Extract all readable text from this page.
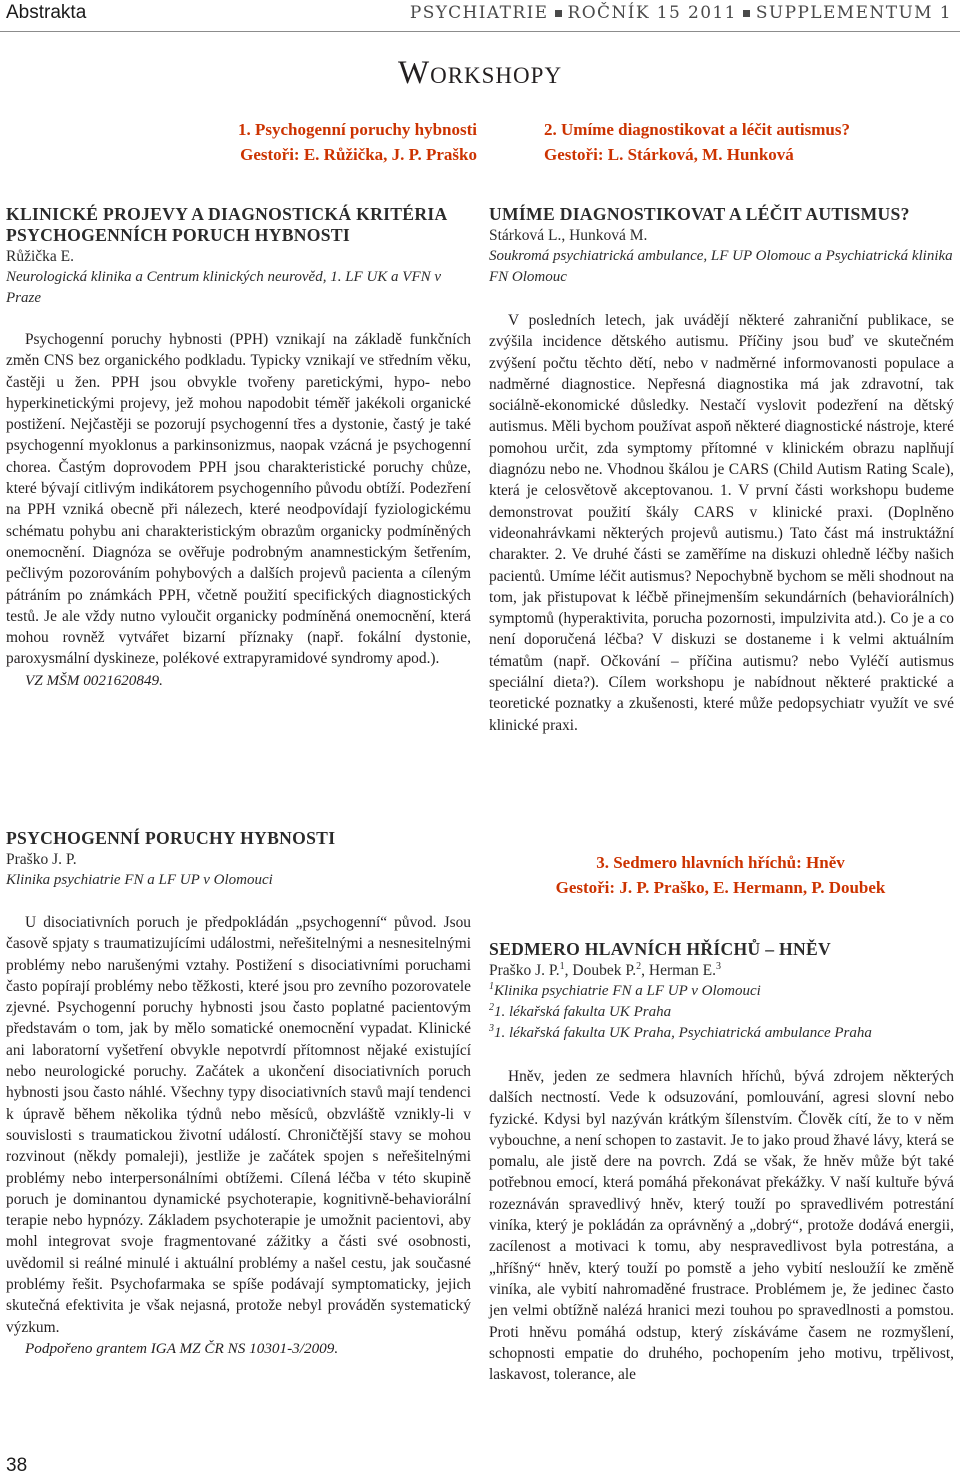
Abstrakta	PSYCHIATRIE ROČNÍK 15 2011 SUPPLEMENTUM 1
Workshopy
1. Psychogenní poruchy hybnosti
Gestoři: E. Růžička, J. P. Praško
2. Umíme diagnostikovat a léčit autismus?
Gestoři: L. Stárková, M. Hunková
3. Sedmero hlavních hříchů: Hněv
Gestoři: J. P. Praško, E. Hermann, P. Doubek
KLINICKÉ PROJEVY A DIAGNOSTICKÁ KRITÉRIA PSYCHOGENNÍCH PORUCH HYBNOSTI
Růžička E.
Neurologická klinika a Centrum klinických neurověd, 1. LF UK a VFN v Praze

Psychogenní poruchy hybnosti (PPH) vznikají na základě funkčních změn CNS bez organického podkladu. Typicky vznikají ve středním věku, častěji u žen. PPH jsou obvykle tvořeny paretickými, hypo- nebo hyperkinetickými projevy, jež mohou napodobit téměř jakékoli organické postižení. Nejčastěji se pozorují psychogenní třes a dystonie, častý je také psychogenní myoklonus a parkinsonizmus, naopak vzácná je psychogenní chorea. Častým doprovodem PPH jsou charakteristické poruchy chůze, které bývají citlivým indikátorem psychogenního původu obtíží. Podezření na PPH vzniká obecně při nálezech, které neodpovídají fyziologickému schématu pohybu ani charakteristickým obrazům organicky podmíněných onemocnění. Diagnóza se ověřuje podrobným anamnestickým šetřením, pečlivým pozorováním pohybových a dalších projevů pacienta a cíleným pátráním po známkách PPH, včetně použití specifických diagnostických testů. Je ale vždy nutno vyloučit organicky podmíněná onemocnění, která mohou rovněž vytvářet bizarní příznaky (např. fokální dystonie, paroxysmální dyskineze, polékové extrapyramidové syndromy apod.).

VZ MŠM 0021620849.
PSYCHOGENNÍ PORUCHY HYBNOSTI
Praško J. P.
Klinika psychiatrie FN a LF UP v Olomouci

U disociativních poruch je předpokládán „psychogenní“ původ. Jsou časově spjaty s traumatizujícími událostmi, neřešitelnými a nesnesitelnými problémy nebo narušenými vztahy. Postižení s disociativními poruchami často popírají problémy nebo těžkosti, které jsou pro zevního pozorovatele zjevné. Psychogenní poruchy hybnosti jsou často poplatné pacientovým představám o tom, jak by mělo somatické onemocnění vypadat. Klinické ani laboratorní vyšetření obvykle nepotvrdí přítomnost nějaké existující nebo neurologické poruchy. Začátek a ukončení disociativních poruch hybnosti jsou často náhlé. Všechny typy disociativních stavů mají tendenci k úpravě během několika týdnů nebo měsíců, obzvláště vznikly-li v souvislosti s traumatickou životní událostí. Chroničtější stavy se mohou rozvinout (někdy pomaleji), jestliže je začátek spojen s neřešitelnými problémy nebo interpersonálními obtížemi. Cílená léčba v této skupině poruch je dominantou dynamické psychoterapie, kognitivně-behaviorální terapie nebo hypnózy. Základem psychoterapie je umožnit pacientovi, aby mohl integrovat svoje fragmentované zážitky a části své osobnosti, uvědomil si reálné minulé i aktuální problémy a našel cestu, jak současné problémy řešit. Psychofarmaka se spíše podávají symptomaticky, jejich skutečná efektivita je však nejasná, protože nebyl prováděn systematický výzkum.

Podpořeno grantem IGA MZ ČR NS 10301-3/2009.
UMÍME DIAGNOSTIKOVAT A LÉČIT AUTISMUS?
Stárková L., Hunková M.
Soukromá psychiatrická ambulance, LF UP Olomouc a Psychiatrická klinika FN Olomouc

V posledních letech, jak uvádějí některé zahraniční publikace, se zvýšila incidence dětského autismu. Příčiny jsou buď ve skutečném zvýšení počtu těchto dětí, nebo v nadměrné informovanosti populace a nadměrné diagnostice. Nepřesná diagnostika má jak zdravotní, tak sociálně-ekonomické důsledky. Nestačí vyslovit podezření na dětský autismus. Měli bychom používat aspoň některé diagnostické nástroje, které pomohou určit, zda symptomy přítomné v klinickém obrazu naplňují diagnózu nebo ne. Vhodnou škálou je CARS (Child Autism Rating Scale), která je celosvětově akceptovanou. 1. V první části workshopu budeme demonstrovat použití škály CARS v klinické praxi. (Doplněno videonahrávkami některých projevů autismu.) Tato část má instruktážní charakter. 2. Ve druhé části se zaměříme na diskuzi ohledně léčby našich pacientů. Umíme léčit autismus? Nepochybně bychom se měli shodnout na tom, jak přistupovat k léčbě přinejmenším sekundárních (behaviorálních) symptomů (hyperaktivita, porucha pozornosti, impulzivita atd.). Co je a co není doporučená léčba? V diskuzi se dostaneme i k velmi aktuálním tématům (např. Očkování – příčina autismu? nebo Vyléčí autismus speciální dieta?). Cílem workshopu je nabídnout některé praktické a teoretické poznatky a zkušenosti, které může pedopsychiatr využít ve své klinické praxi.

SEDMERO HLAVNÍCH HŘÍCHŮ – HNĚV
Praško J. P.$^1$, Doubek P.$^2$, Herman E.$^3$
$^1$Klinika psychiatrie FN a LF UP v Olomouci
$^2$1. lékařská fakulta UK Praha
$^3$1. lékařská fakulta UK Praha, Psychiatrická ambulance Praha

Hněv, jeden ze sedmera hlavních hříchů, bývá zdrojem některých dalších nectností. Vede k odsuzování, pomlouvání, agresi slovní nebo fyzické. Kdysi byl nazýván krátkým šílenstvím. Člověk cítí, že to v něm vybouchne, a není schopen to zastavit. Je to jako proud žhavé lávy, která se pomalu, ale jistě dere na povrch. Zdá se však, že hněv může být také potřebnou emocí, která pomáhá překonávat překážky. V naší kultuře bývá rozeznáván spravedlivý hněv, který touží po spravedlivém potrestání viníka, který je pokládán za oprávněný a „dobrý“, protože dodává energii, zacílenost a motivaci k tomu, aby nespravedlivost byla potrestána, a „hříšný“ hněv, který touží po pomstě a jeho vybití nesloužíí ke změně viníka, ale vybití nahromaděné frustrace. Problémem je, že jedinec často jen velmi obtížně nalézá hranici mezi touhou po spravedlnosti a pomstou. Proti hněvu pomáhá odstup, který získáváme časem ne rozmyšlení, schopnosti empatie do druhého, pochopením jeho motivu, trpělivost, laskavost, tolerance, ale

38
